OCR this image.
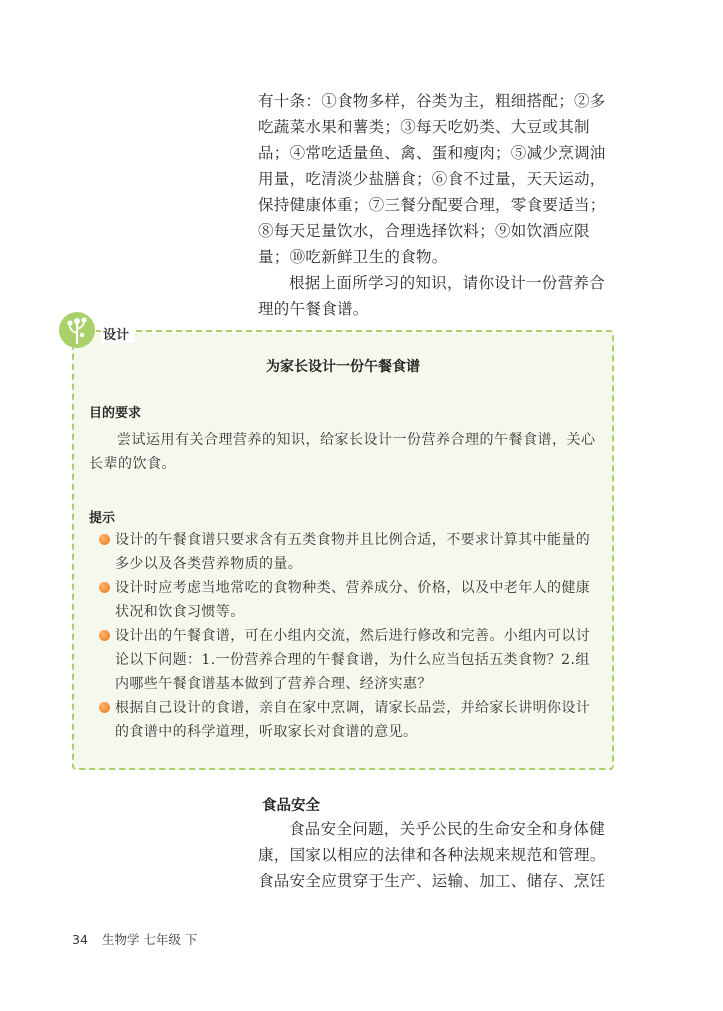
有十条：①食物多样，谷类为主，粗细搭配；②多吃蔬菜水果和薯类；③每天吃奶类、大豆或其制品；④常吃适量鱼、禽、蛋和瘦肉；⑤减少烹调油用量，吃清淡少盐膳食；⑥食不过量，天天运动，保持健康体重；⑦三餐分配要合理，零食要适当；⑧每天足量饮水，合理选择饮料；⑨如饮酒应限量；⑩吃新鲜卫生的食物。

根据上面所学习的知识，请你设计一份营养合理的午餐食谱。

设计
为家长设计一份午餐食谱
目的要求

尝试运用有关合理营养的知识，给家长设计一份营养合理的午餐食谱，关心长辈的饮食。

提示
设计的午餐食谱只要求含有五类食物并且比例合适，不要求计算其中能量的多少以及各类营养物质的量。
设计时应考虑当地常吃的食物种类、营养成分、价格，以及中老年人的健康状况和饮食习惯等。
设计出的午餐食谱，可在小组内交流，然后进行修改和完善。小组内可以讨论以下问题：1.一份营养合理的午餐食谱，为什么应当包括五类食物？2.组内哪些午餐食谱基本做到了营养合理、经济实惠？
根据自己设计的食谱，亲自在家中烹调，请家长品尝，并给家长讲明你设计的食谱中的科学道理，听取家长对食谱的意见。
食品安全

食品安全问题，关乎公民的生命安全和身体健康，国家以相应的法律和各种法规来规范和管理。食品安全应贯穿于生产、运输、加工、储存、烹饪

34 生物学 七年级 下
